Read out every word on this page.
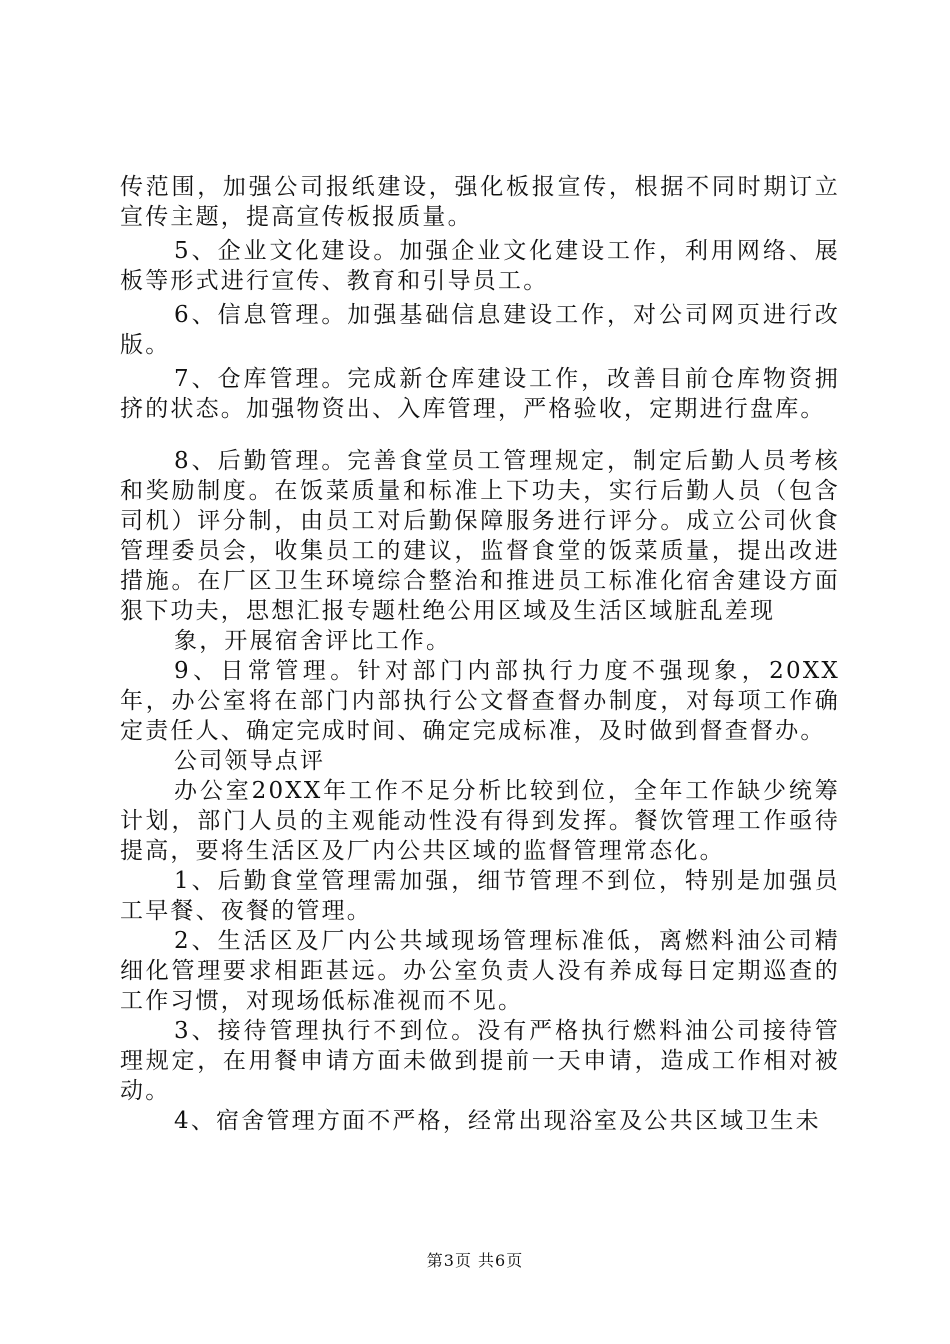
传范围，加强公司报纸建设，强化板报宣传，根据不同时期订立宣传主题，提高宣传板报质量。

5、企业文化建设。加强企业文化建设工作，利用网络、展板等形式进行宣传、教育和引导员工。

6、信息管理。加强基础信息建设工作，对公司网页进行改版。

7、仓库管理。完成新仓库建设工作，改善目前仓库物资拥挤的状态。加强物资出、入库管理，严格验收，定期进行盘库。

8、后勤管理。完善食堂员工管理规定，制定后勤人员考核和奖励制度。在饭菜质量和标准上下功夫，实行后勤人员（包含司机）评分制，由员工对后勤保障服务进行评分。成立公司伙食管理委员会，收集员工的建议，监督食堂的饭菜质量，提出改进措施。在厂区卫生环境综合整治和推进员工标准化宿舍建设方面狠下功夫，思想汇报专题杜绝公用区域及生活区域脏乱差现

象，开展宿舍评比工作。

9、日常管理。针对部门内部执行力度不强现象，20XX年，办公室将在部门内部执行公文督查督办制度，对每项工作确定责任人、确定完成时间、确定完成标准，及时做到督查督办。

公司领导点评

办公室20XX年工作不足分析比较到位，全年工作缺少统筹计划，部门人员的主观能动性没有得到发挥。餐饮管理工作亟待提高，要将生活区及厂内公共区域的监督管理常态化。

1、后勤食堂管理需加强，细节管理不到位，特别是加强员工早餐、夜餐的管理。

2、生活区及厂内公共域现场管理标准低，离燃料油公司精细化管理要求相距甚远。办公室负责人没有养成每日定期巡查的工作习惯，对现场低标准视而不见。

3、接待管理执行不到位。没有严格执行燃料油公司接待管理规定，在用餐申请方面未做到提前一天申请，造成工作相对被动。

4、宿舍管理方面不严格，经常出现浴室及公共区域卫生未

第3页 共6页
